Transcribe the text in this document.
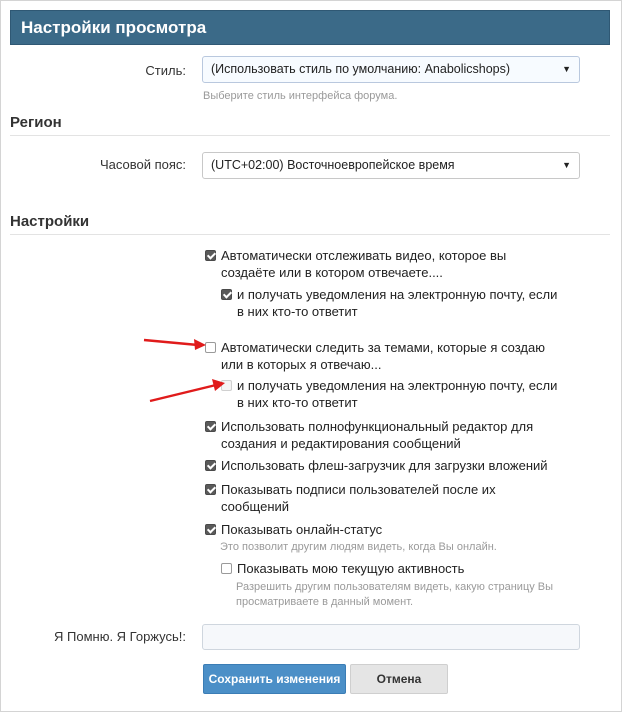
Настройки просмотра
Стиль:	(Использовать стиль по умолчанию: Anabolicshops)	▼
Выберите стиль интерфейса форума.
Регион
Часовой пояс:	(UTC+02:00) Восточноевропейское время	▼
Настройки
Автоматически отслеживать видео, которое вы
создаёте или в котором отвечаете....
и получать уведомления на электронную почту, если
в них кто-то ответит
Автоматически следить за темами, которые я создаю
или в которых я отвечаю...
и получать уведомления на электронную почту, если
в них кто-то ответит
Использовать полнофункциональный редактор для
создания и редактирования сообщений
Использовать флеш-загрузчик для загрузки вложений
Показывать подписи пользователей после их
сообщений
Показывать онлайн-статус
Это позволит другим людям видеть, когда Вы онлайн.
Показывать мою текущую активность
Разрешить другим пользователям видеть, какую страницу Вы
просматриваете в данный момент.
Я Помню. Я Горжусь!:
Сохранить изменения	Отмена
